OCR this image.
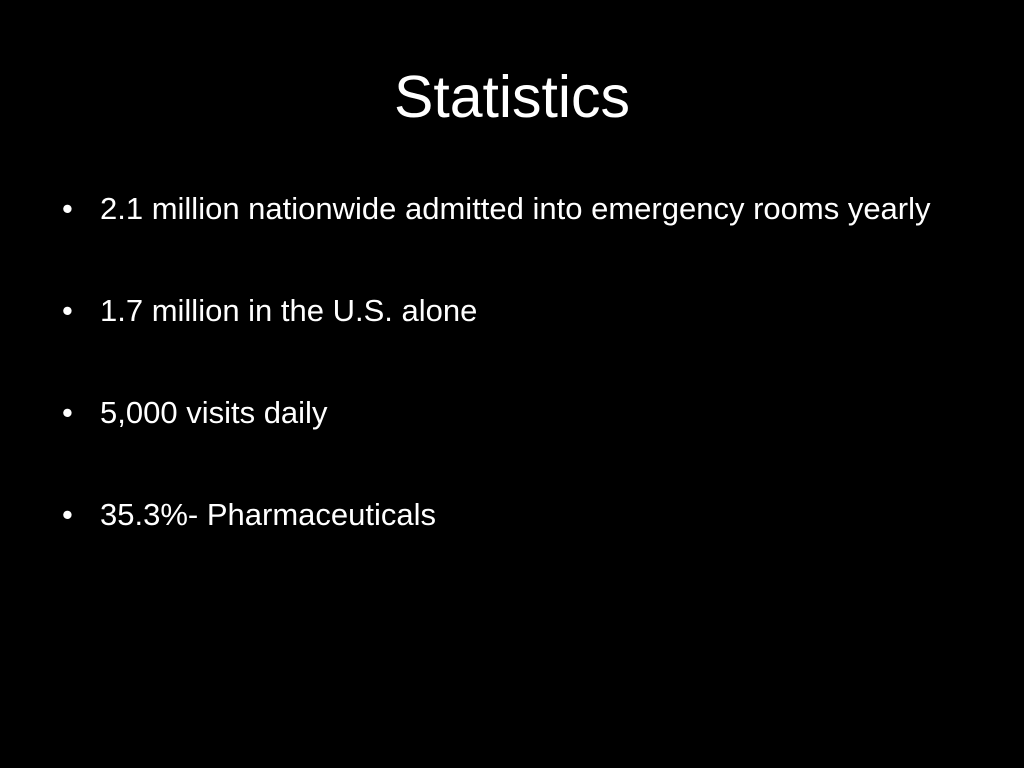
Statistics
• 2.1 million nationwide admitted into emergency rooms yearly
• 1.7 million in the U.S. alone
• 5,000 visits daily
• 35.3%- Pharmaceuticals
